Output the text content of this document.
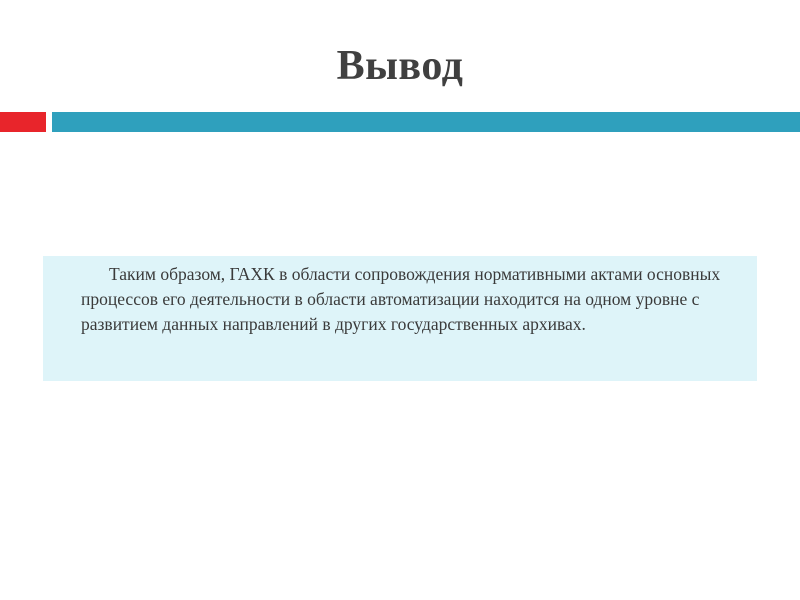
Вывод

Таким образом, ГАХК в области сопровождения нормативными актами основных процессов его деятельности в области автоматизации находится на одном уровне с развитием данных направлений в других государственных архивах.
